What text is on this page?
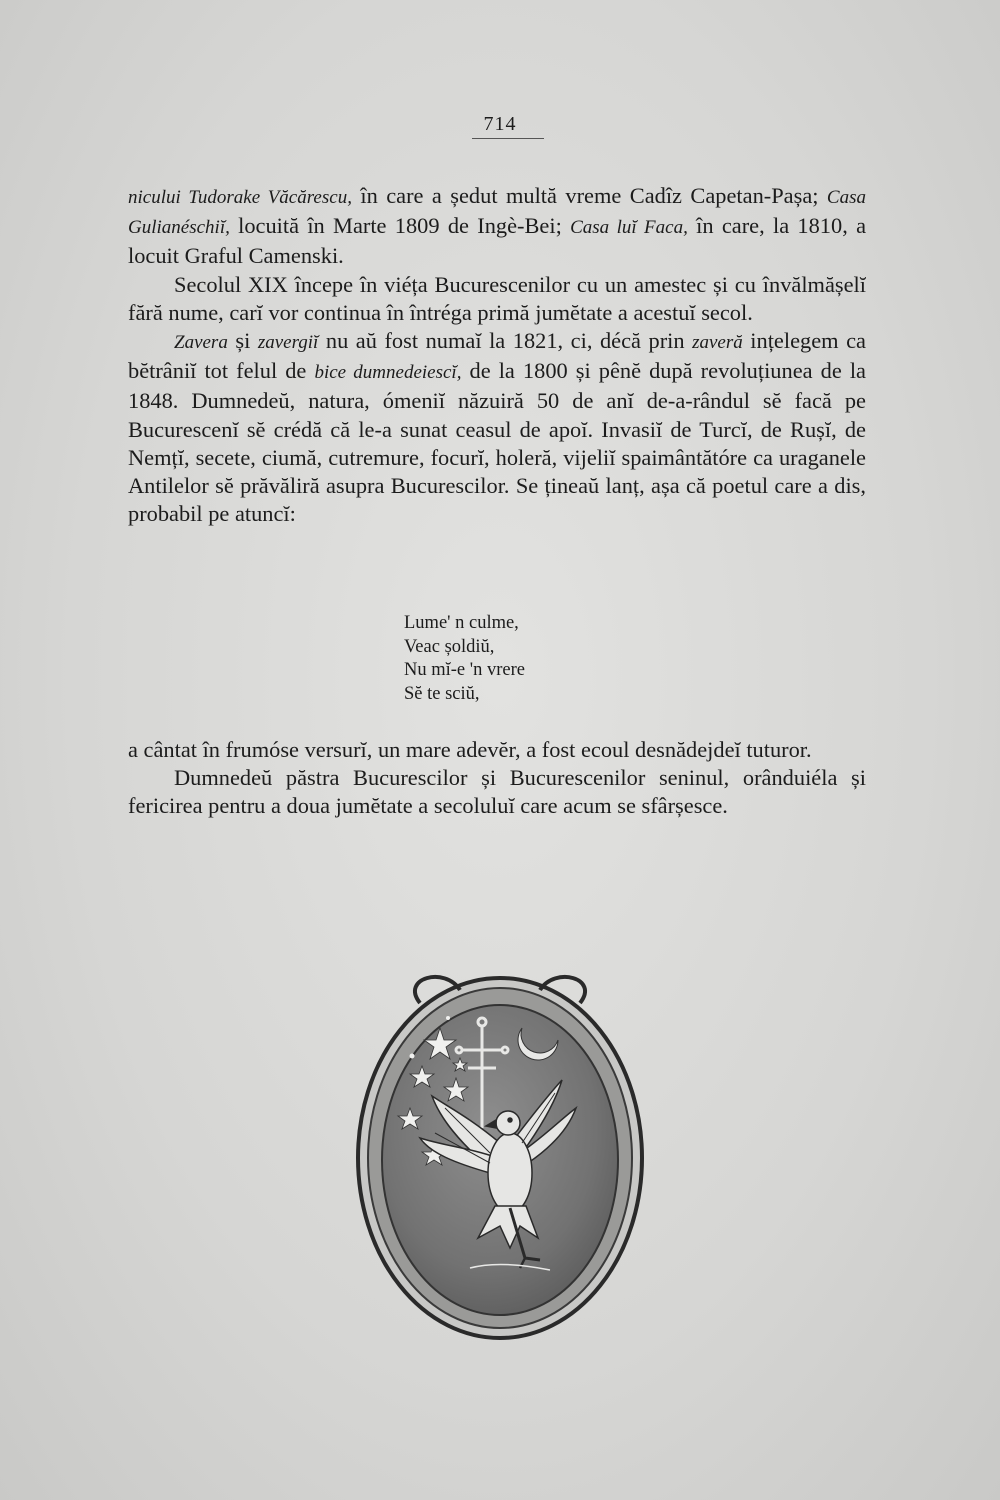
714

nicului Tudorake Văcărescu, în care a ședut multă vreme Cadîz Capetan-Pașa; Casa Gulianéschiĭ, locuită în Marte 1809 de Ingè-Bei; Casa luĭ Faca, în care, la 1810, a locuit Graful Camenski.

Secolul XIX începe în viéța Bucurescenilor cu un amestec și cu învălmășelĭ fără nume, carĭ vor continua în întréga primă jumĕtate a acestuĭ secol.

Zavera și zavergiĭ nu aŭ fost numaĭ la 1821, ci, décă prin zaveră ințelegem ca bĕtrâniĭ tot felul de bice dumnedeiescĭ, de la 1800 și pênĕ după revoluțiunea de la 1848. Dumnedeŭ, natura, ómeniĭ năzuiră 50 de anĭ de-a-rândul sĕ facă pe Bucurescenĭ sĕ crédă că le-a sunat ceasul de apoĭ. Invasiĭ de Turcĭ, de Rușĭ, de Nemțĭ, secete, ciumă, cutremure, focurĭ, holeră, vijeliĭ spaimântătóre ca uraganele Antilelor sĕ prăvăliră asupra Bucurescilor. Se țineaŭ lanț, așa că poetul care a dis, probabil pe atuncĭ:

Lume' n culme,
Veac șoldiŭ,
Nu mĭ-e 'n vrere
Sĕ te sciŭ,

a cântat în frumóse versurĭ, un mare adevĕr, a fost ecoul desnădejdeĭ tuturor.

Dumnedeŭ păstra Bucurescilor și Bucurescenilor seninul, orânduiéla și fericirea pentru a doua jumĕtate a secoluluĭ care acum se sfârșesce.
